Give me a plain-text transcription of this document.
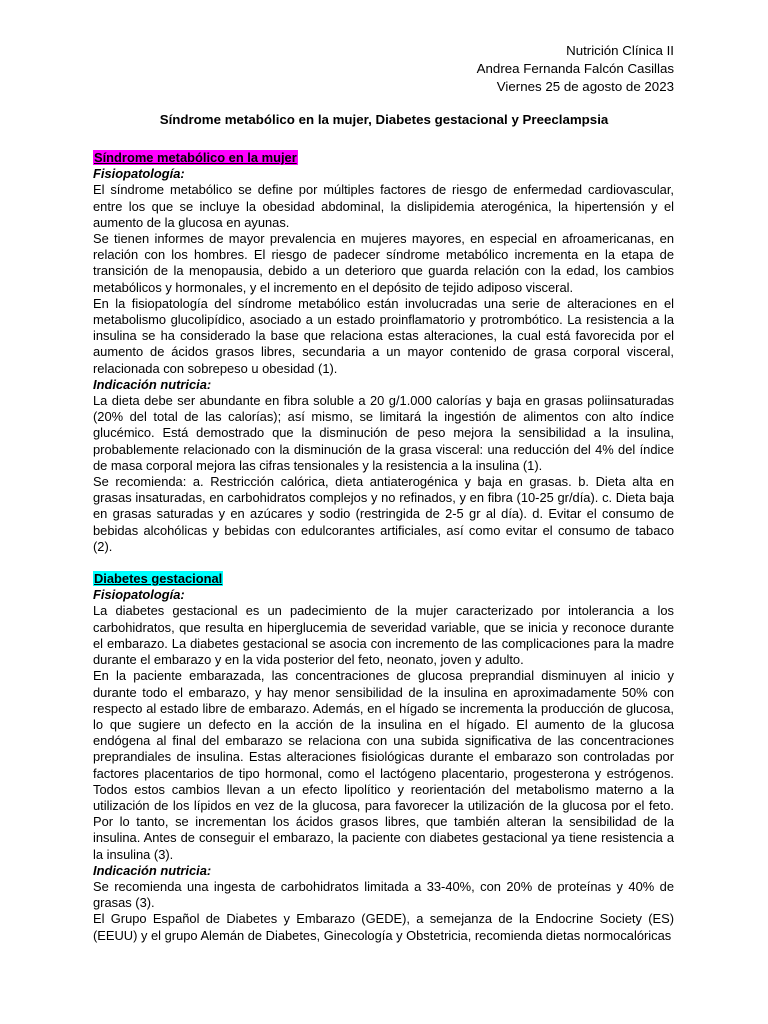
Nutrición Clínica II
Andrea Fernanda Falcón Casillas
Viernes 25 de agosto de 2023
Síndrome metabólico en la mujer, Diabetes gestacional y Preeclampsia
Síndrome metabólico en la mujer
Fisiopatología:

El síndrome metabólico se define por múltiples factores de riesgo de enfermedad cardiovascular, entre los que se incluye la obesidad abdominal, la dislipidemia aterogénica, la hipertensión y el aumento de la glucosa en ayunas.

Se tienen informes de mayor prevalencia en mujeres mayores, en especial en afroamericanas, en relación con los hombres. El riesgo de padecer síndrome metabólico incrementa en la etapa de transición de la menopausia, debido a un deterioro que guarda relación con la edad, los cambios metabólicos y hormonales, y el incremento en el depósito de tejido adiposo visceral.

En la fisiopatología del síndrome metabólico están involucradas una serie de alteraciones en el metabolismo glucolipídico, asociado a un estado proinflamatorio y protrombótico. La resistencia a la insulina se ha considerado la base que relaciona estas alteraciones, la cual está favorecida por el aumento de ácidos grasos libres, secundaria a un mayor contenido de grasa corporal visceral, relacionada con sobrepeso u obesidad (1).

Indicación nutricia:

La dieta debe ser abundante en fibra soluble a 20 g/1.000 calorías y baja en grasas poliinsaturadas (20% del total de las calorías); así mismo, se limitará la ingestión de alimentos con alto índice glucémico. Está demostrado que la disminución de peso mejora la sensibilidad a la insulina, probablemente relacionado con la disminución de la grasa visceral: una reducción del 4% del índice de masa corporal mejora las cifras tensionales y la resistencia a la insulina (1).

Se recomienda: a. Restricción calórica, dieta antiaterogénica y baja en grasas. b. Dieta alta en grasas insaturadas, en carbohidratos complejos y no refinados, y en fibra (10-25 gr/día). c. Dieta baja en grasas saturadas y en azúcares y sodio (restringida de 2-5 gr al día). d. Evitar el consumo de bebidas alcohólicas y bebidas con edulcorantes artificiales, así como evitar el consumo de tabaco (2).

Diabetes gestacional
Fisiopatología:

La diabetes gestacional es un padecimiento de la mujer caracterizado por intolerancia a los carbohidratos, que resulta en hiperglucemia de severidad variable, que se inicia y reconoce durante el embarazo. La diabetes gestacional se asocia con incremento de las complicaciones para la madre durante el embarazo y en la vida posterior del feto, neonato, joven y adulto.

En la paciente embarazada, las concentraciones de glucosa preprandial disminuyen al inicio y durante todo el embarazo, y hay menor sensibilidad de la insulina en aproximadamente 50% con respecto al estado libre de embarazo. Además, en el hígado se incrementa la producción de glucosa, lo que sugiere un defecto en la acción de la insulina en el hígado. El aumento de la glucosa endógena al final del embarazo se relaciona con una subida significativa de las concentraciones preprandiales de insulina. Estas alteraciones fisiológicas durante el embarazo son controladas por factores placentarios de tipo hormonal, como el lactógeno placentario, progesterona y estrógenos. Todos estos cambios llevan a un efecto lipolítico y reorientación del metabolismo materno a la utilización de los lípidos en vez de la glucosa, para favorecer la utilización de la glucosa por el feto. Por lo tanto, se incrementan los ácidos grasos libres, que también alteran la sensibilidad de la insulina. Antes de conseguir el embarazo, la paciente con diabetes gestacional ya tiene resistencia a la insulina (3).

Indicación nutricia:

Se recomienda una ingesta de carbohidratos limitada a 33-40%, con 20% de proteínas y 40% de grasas (3).

El Grupo Español de Diabetes y Embarazo (GEDE), a semejanza de la Endocrine Society (ES) (EEUU) y el grupo Alemán de Diabetes, Ginecología y Obstetricia, recomienda dietas normocalóricas
